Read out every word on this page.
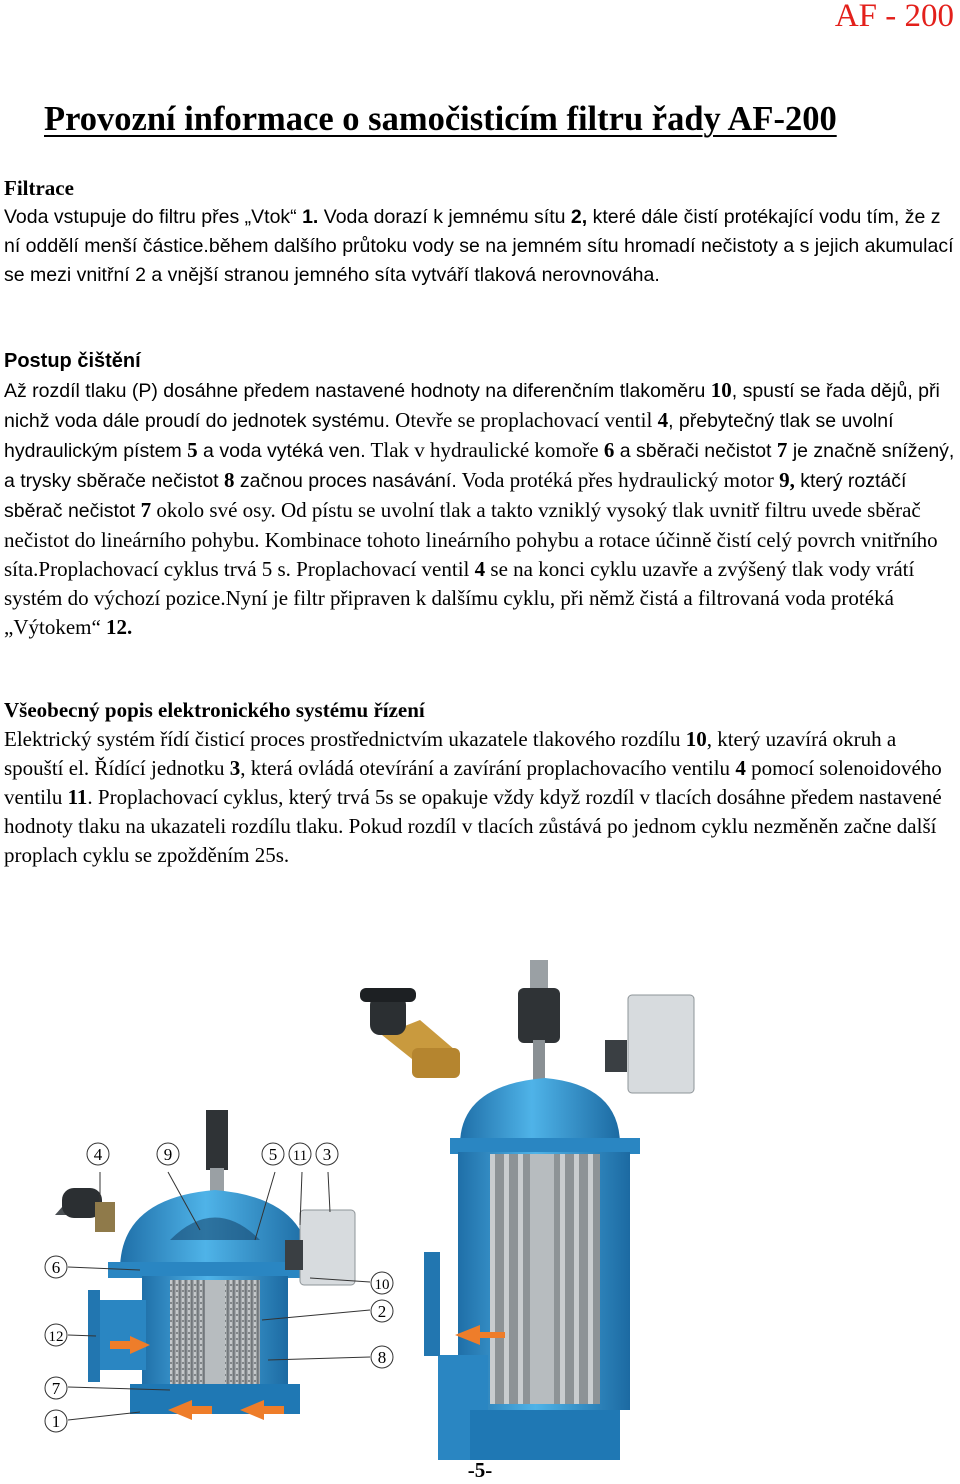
AF - 200
Provozní informace o samočisticím filtru řady AF-200
Filtrace

Voda vstupuje do filtru přes „Vtok“ 1. Voda dorazí k jemnému sítu 2, které dále čistí protékající vodu tím, že z ní oddělí menší částice.během dalšího průtoku vody se na jemném sítu hromadí nečistoty a s jejich akumulací se mezi vnitřní 2 a vnější stranou jemného síta vytváří tlaková nerovnováha.

Postup čištění

Až rozdíl tlaku (P) dosáhne předem nastavené hodnoty na diferenčním tlakoměru 10, spustí se řada dějů, při nichž voda dále proudí do jednotek systému. Otevře se proplachovací ventil 4, přebytečný tlak se uvolní hydraulickým pístem 5 a voda vytéká ven. Tlak v hydraulické komoře 6 a sběrači nečistot 7 je značně snížený, a trysky sběrače nečistot 8 začnou proces nasávání. Voda protéká přes hydraulický motor 9, který roztáčí sběrač nečistot 7 okolo své osy. Od pístu se uvolní tlak a takto vzniklý vysoký tlak uvnitř filtru uvede sběrač nečistot do lineárního pohybu. Kombinace tohoto lineárního pohybu a rotace účinně čistí celý povrch vnitřního síta.Proplachovací cyklus trvá 5 s. Proplachovací ventil 4 se na konci cyklu uzavře a zvýšený tlak vody vrátí systém do výchozí pozice.Nyní je filtr připraven k dalšímu cyklu, při němž čistá a filtrovaná voda protéká „Výtokem“ 12.

Všeobecný popis elektronického systému řízení

Elektrický systém řídí čisticí proces prostřednictvím ukazatele tlakového rozdílu 10, který uzavírá okruh a spouští el. Řídící jednotku 3, která ovládá otevírání a zavírání proplachovacího ventilu 4 pomocí solenoidového ventilu 11. Proplachovací cyklus, který trvá 5s se opakuje vždy když rozdíl v tlacích dosáhne předem nastavené hodnoty tlaku na ukazateli rozdílu tlaku. Pokud rozdíl v tlacích zůstává po jednom cyklu nezměněn začne další proplach cyklu se zpožděním 25s.

4	9	5 11 3
6
10
2
12
8
7
1
-5-
